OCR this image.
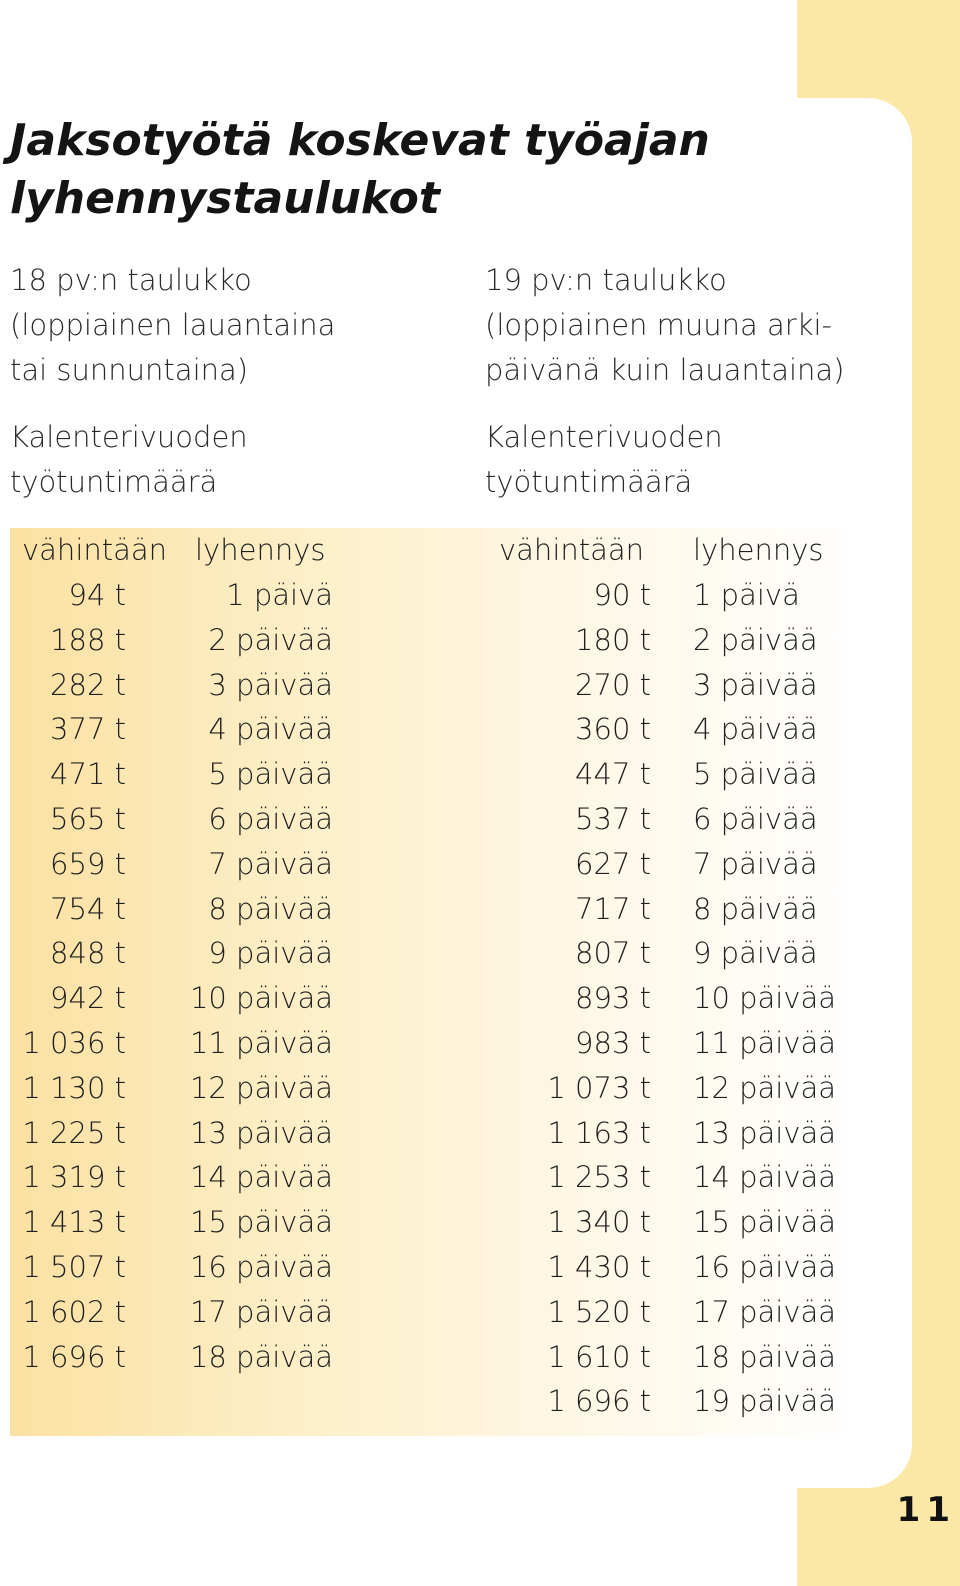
Jaksotyötä koskevat työajan
lyhennystaulukot

18 pv:n taulukko
(loppiainen lauantaina
tai sunnuntaina)

19 pv:n taulukko
(loppiainen muuna arki-
päivänä kuin lauantaina)

Kalenterivuoden
työtuntimäärä

Kalenterivuoden
työtuntimäärä

vähintään lyhennys	vähintään lyhennys
94 t	1 päivä
188 t	2 päivää
282 t	3 päivää
377 t	4 päivää
471 t	5 päivää
565 t	6 päivää
659 t	7 päivää
754 t	8 päivää
848 t	9 päivää
942 t	10 päivää
1 036 t	11 päivää
1 130 t	12 päivää
1 225 t	13 päivää
1 319 t	14 päivää
1 413 t	15 päivää
1 507 t	16 päivää
1 602 t	17 päivää
1 696 t	18 päivää
90 t 1 päivä
180 t 2 päivää
270 t 3 päivää
360 t 4 päivää
447 t 5 päivää
537 t 6 päivää
627 t 7 päivää
717 t 8 päivää
807 t 9 päivää
893 t 10 päivää
983 t 11 päivää
1 073 t 12 päivää
1 163 t 13 päivää
1 253 t 14 päivää
1 340 t 15 päivää
1 430 t 16 päivää
1 520 t 17 päivää
1 610 t 18 päivää
1 696 t 19 päivää
11
